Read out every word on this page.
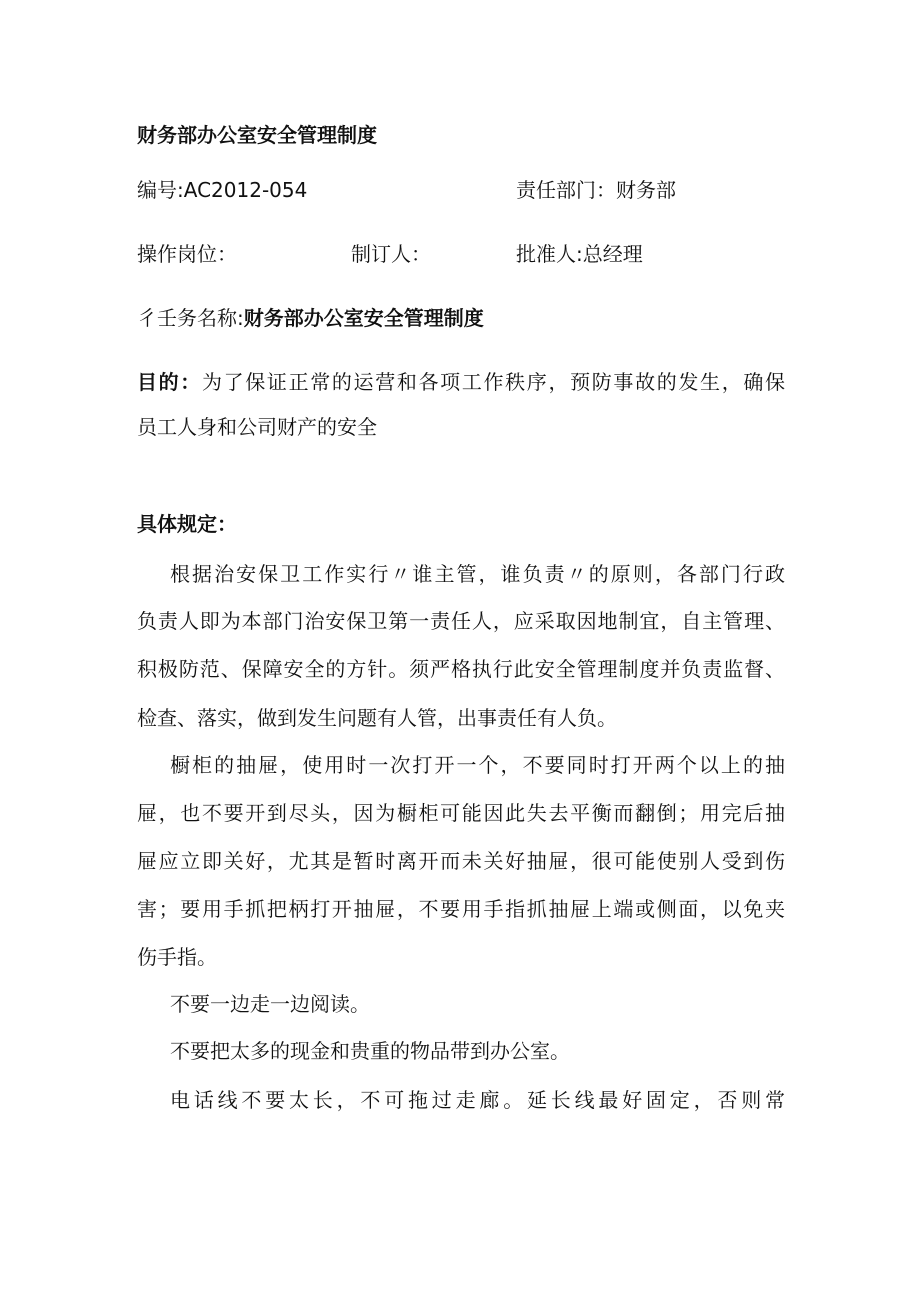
财务部办公室安全管理制度
编号:AC2012-054	责任部门：财务部
操作岗位：	制订人：	批准人:总经理
彳壬务名称:财务部办公室安全管理制度
目的：为了保证正常的运营和各项工作秩序，预防事故的发生，确保
员工人身和公司财产的安全
具体规定：
根据治安保卫工作实行〃谁主管，谁负责〃的原则，各部门行政
负责人即为本部门治安保卫第一责任人，应采取因地制宜，自主管理、
积极防范、保障安全的方针。须严格执行此安全管理制度并负责监督、
检查、落实，做到发生问题有人管，出事责任有人负。
橱柜的抽屉，使用时一次打开一个，不要同时打开两个以上的抽
屉，也不要开到尽头，因为橱柜可能因此失去平衡而翻倒；用完后抽
屉应立即关好，尤其是暂时离开而未关好抽屉，很可能使别人受到伤
害；要用手抓把柄打开抽屉，不要用手指抓抽屉上端或侧面，以免夹
伤手指。
不要一边走一边阅读。
不要把太多的现金和贵重的物品带到办公室。
电话线不要太长，不可拖过走廊。延长线最好固定，否则常
